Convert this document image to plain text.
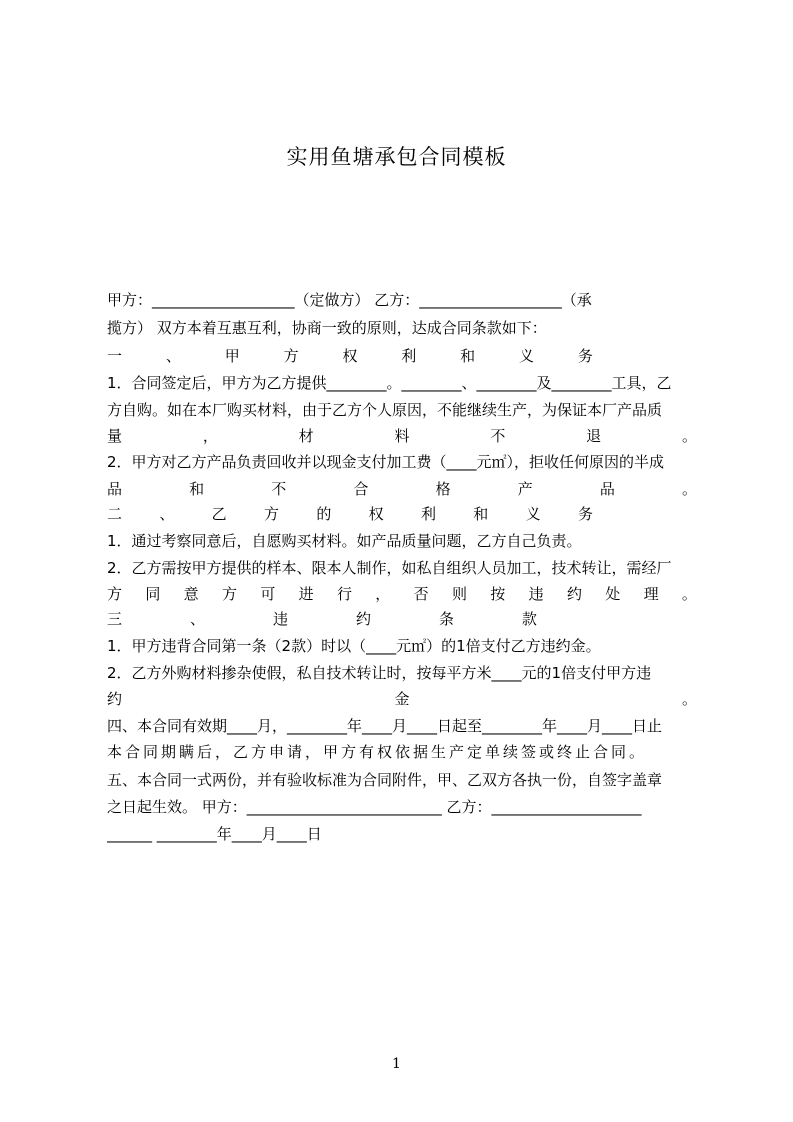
实用鱼塘承包合同模板
甲方：___________________（定做方） 乙方：___________________（承
揽方） 双方本着互惠互利，协商一致的原则，达成合同条款如下：
一	、	甲	方	权	利	和	义	务
1．合同签定后，甲方为乙方提供________。________、________及________工具，乙
方自购。如在本厂购买材料，由于乙方个人原因，不能继续生产，为保证本厂产品质
量	，	材	料	不	退	。
2．甲方对乙方产品负责回收并以现金支付加工费（____元㎡），拒收任何原因的半成
品	和	不	合	格	产	品	。
二 、 乙 方 的 权 利 和 义 务
1．通过考察同意后，自愿购买材料。如产品质量问题，乙方自己负责。
2．乙方需按甲方提供的样本、限本人制作，如私自组织人员加工，技术转让，需经厂
方 同 意 方 可 进 行 ， 否 则 按 违 约 处 理 。
三	、	违	约	条	款
1．甲方违背合同第一条（2款）时以（____元㎡）的1倍支付乙方违约金。
2．乙方外购材料掺杂使假，私自技术转让时，按每平方米____元的1倍支付甲方违
约	金	。
四、本合同有效期____月，________年____月____日起至________年____月____日止
本合同期瞒后，乙方申请，甲方有权依据生产定单续签或终止合同。
五、本合同一式两份，并有验收标准为合同附件，甲、乙双方各执一份，自签字盖章
之日起生效。 甲方：__________________________ 乙方：____________________
______ ________年____月____日
1
